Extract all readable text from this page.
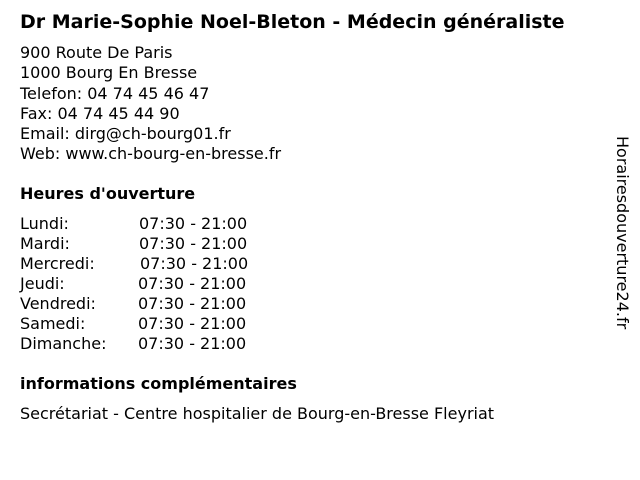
Dr Marie-Sophie Noel-Bleton - Médecin généraliste
900 Route De Paris
1000 Bourg En Bresse
Telefon: 04 74 45 46 47
Fax: 04 74 45 44 90
Email: dirg@ch-bourg01.fr
Web: www.ch-bourg-en-bresse.fr
Heures d'ouverture
Lundi:	07:30 - 21:00
Mardi:	07:30 - 21:00
Mercredi:	07:30 - 21:00
Jeudi:	07:30 - 21:00
Vendredi:	07:30 - 21:00
Samedi:	07:30 - 21:00
Dimanche: 07:30 - 21:00
informations complémentaires
Secrétariat - Centre hospitalier de Bourg-en-Bresse Fleyriat
Horairesdouverture24.fr
